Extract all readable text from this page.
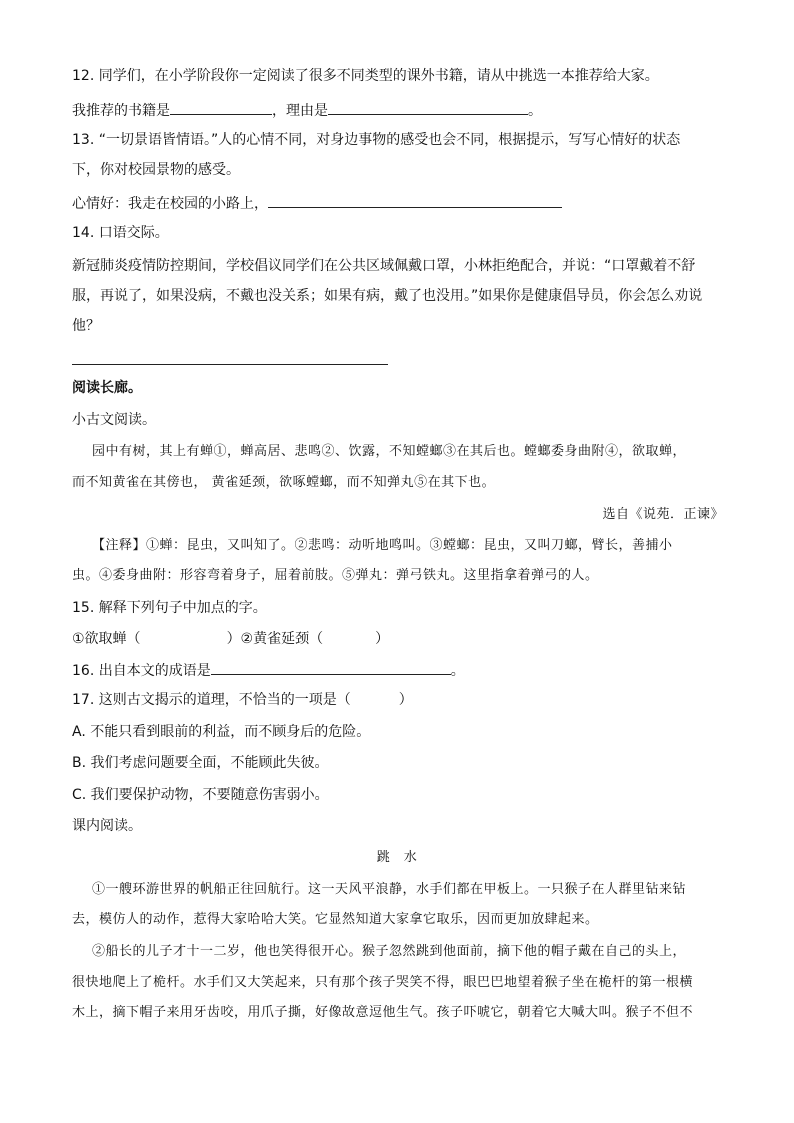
12. 同学们，在小学阶段你一定阅读了很多不同类型的课外书籍，请从中挑选一本推荐给大家。
我推荐的书籍是	，理由是	。
13. “一切景语皆情语。”人的心情不同，对身边事物的感受也会不同，根据提示，写写心情好的状态
下，你对校园景物的感受。
心情好：我走在校园的小路上，
14. 口语交际。
新冠肺炎疫情防控期间，学校倡议同学们在公共区域佩戴口罩，小林拒绝配合，并说：“口罩戴着不舒
服，再说了，如果没病，不戴也没关系；如果有病，戴了也没用。”如果你是健康倡导员，你会怎么劝说
他？
阅读长廊。
小古文阅读。
园中有树，其上有蝉①，蝉高居、悲鸣②、饮露，不知螳螂③在其后也。螳螂委身曲附④，欲取蝉，
而不知黄雀在其傍也， 黄雀延颈，欲啄螳螂，而不知弹丸⑤在其下也。
选自《说苑．正谏》
【注释】①蝉：昆虫，又叫知了。②悲鸣：动听地鸣叫。③螳螂：昆虫，又叫刀螂，臂长，善捕小
虫。④委身曲附：形容弯着身子，屈着前肢。⑤弹丸：弹弓铁丸。这里指拿着弹弓的人。
15. 解释下列句子中加点的字。
①欲取蝉（	）②黄雀延颈（	）
16. 出自本文的成语是	。
17. 这则古文揭示的道理，不恰当的一项是（	）
A. 不能只看到眼前的利益，而不顾身后的危险。
B. 我们考虑问题要全面，不能顾此失彼。
C. 我们要保护动物，不要随意伤害弱小。
课内阅读。
跳　水
①一艘环游世界的帆船正往回航行。这一天风平浪静，水手们都在甲板上。一只猴子在人群里钻来钻
去，模仿人的动作，惹得大家哈哈大笑。它显然知道大家拿它取乐，因而更加放肆起来。
②船长的儿子才十一二岁，他也笑得很开心。猴子忽然跳到他面前，摘下他的帽子戴在自己的头上，
很快地爬上了桅杆。水手们又大笑起来，只有那个孩子哭笑不得，眼巴巴地望着猴子坐在桅杆的第一根横
木上，摘下帽子来用牙齿咬，用爪子撕，好像故意逗他生气。孩子吓唬它，朝着它大喊大叫。猴子不但不
